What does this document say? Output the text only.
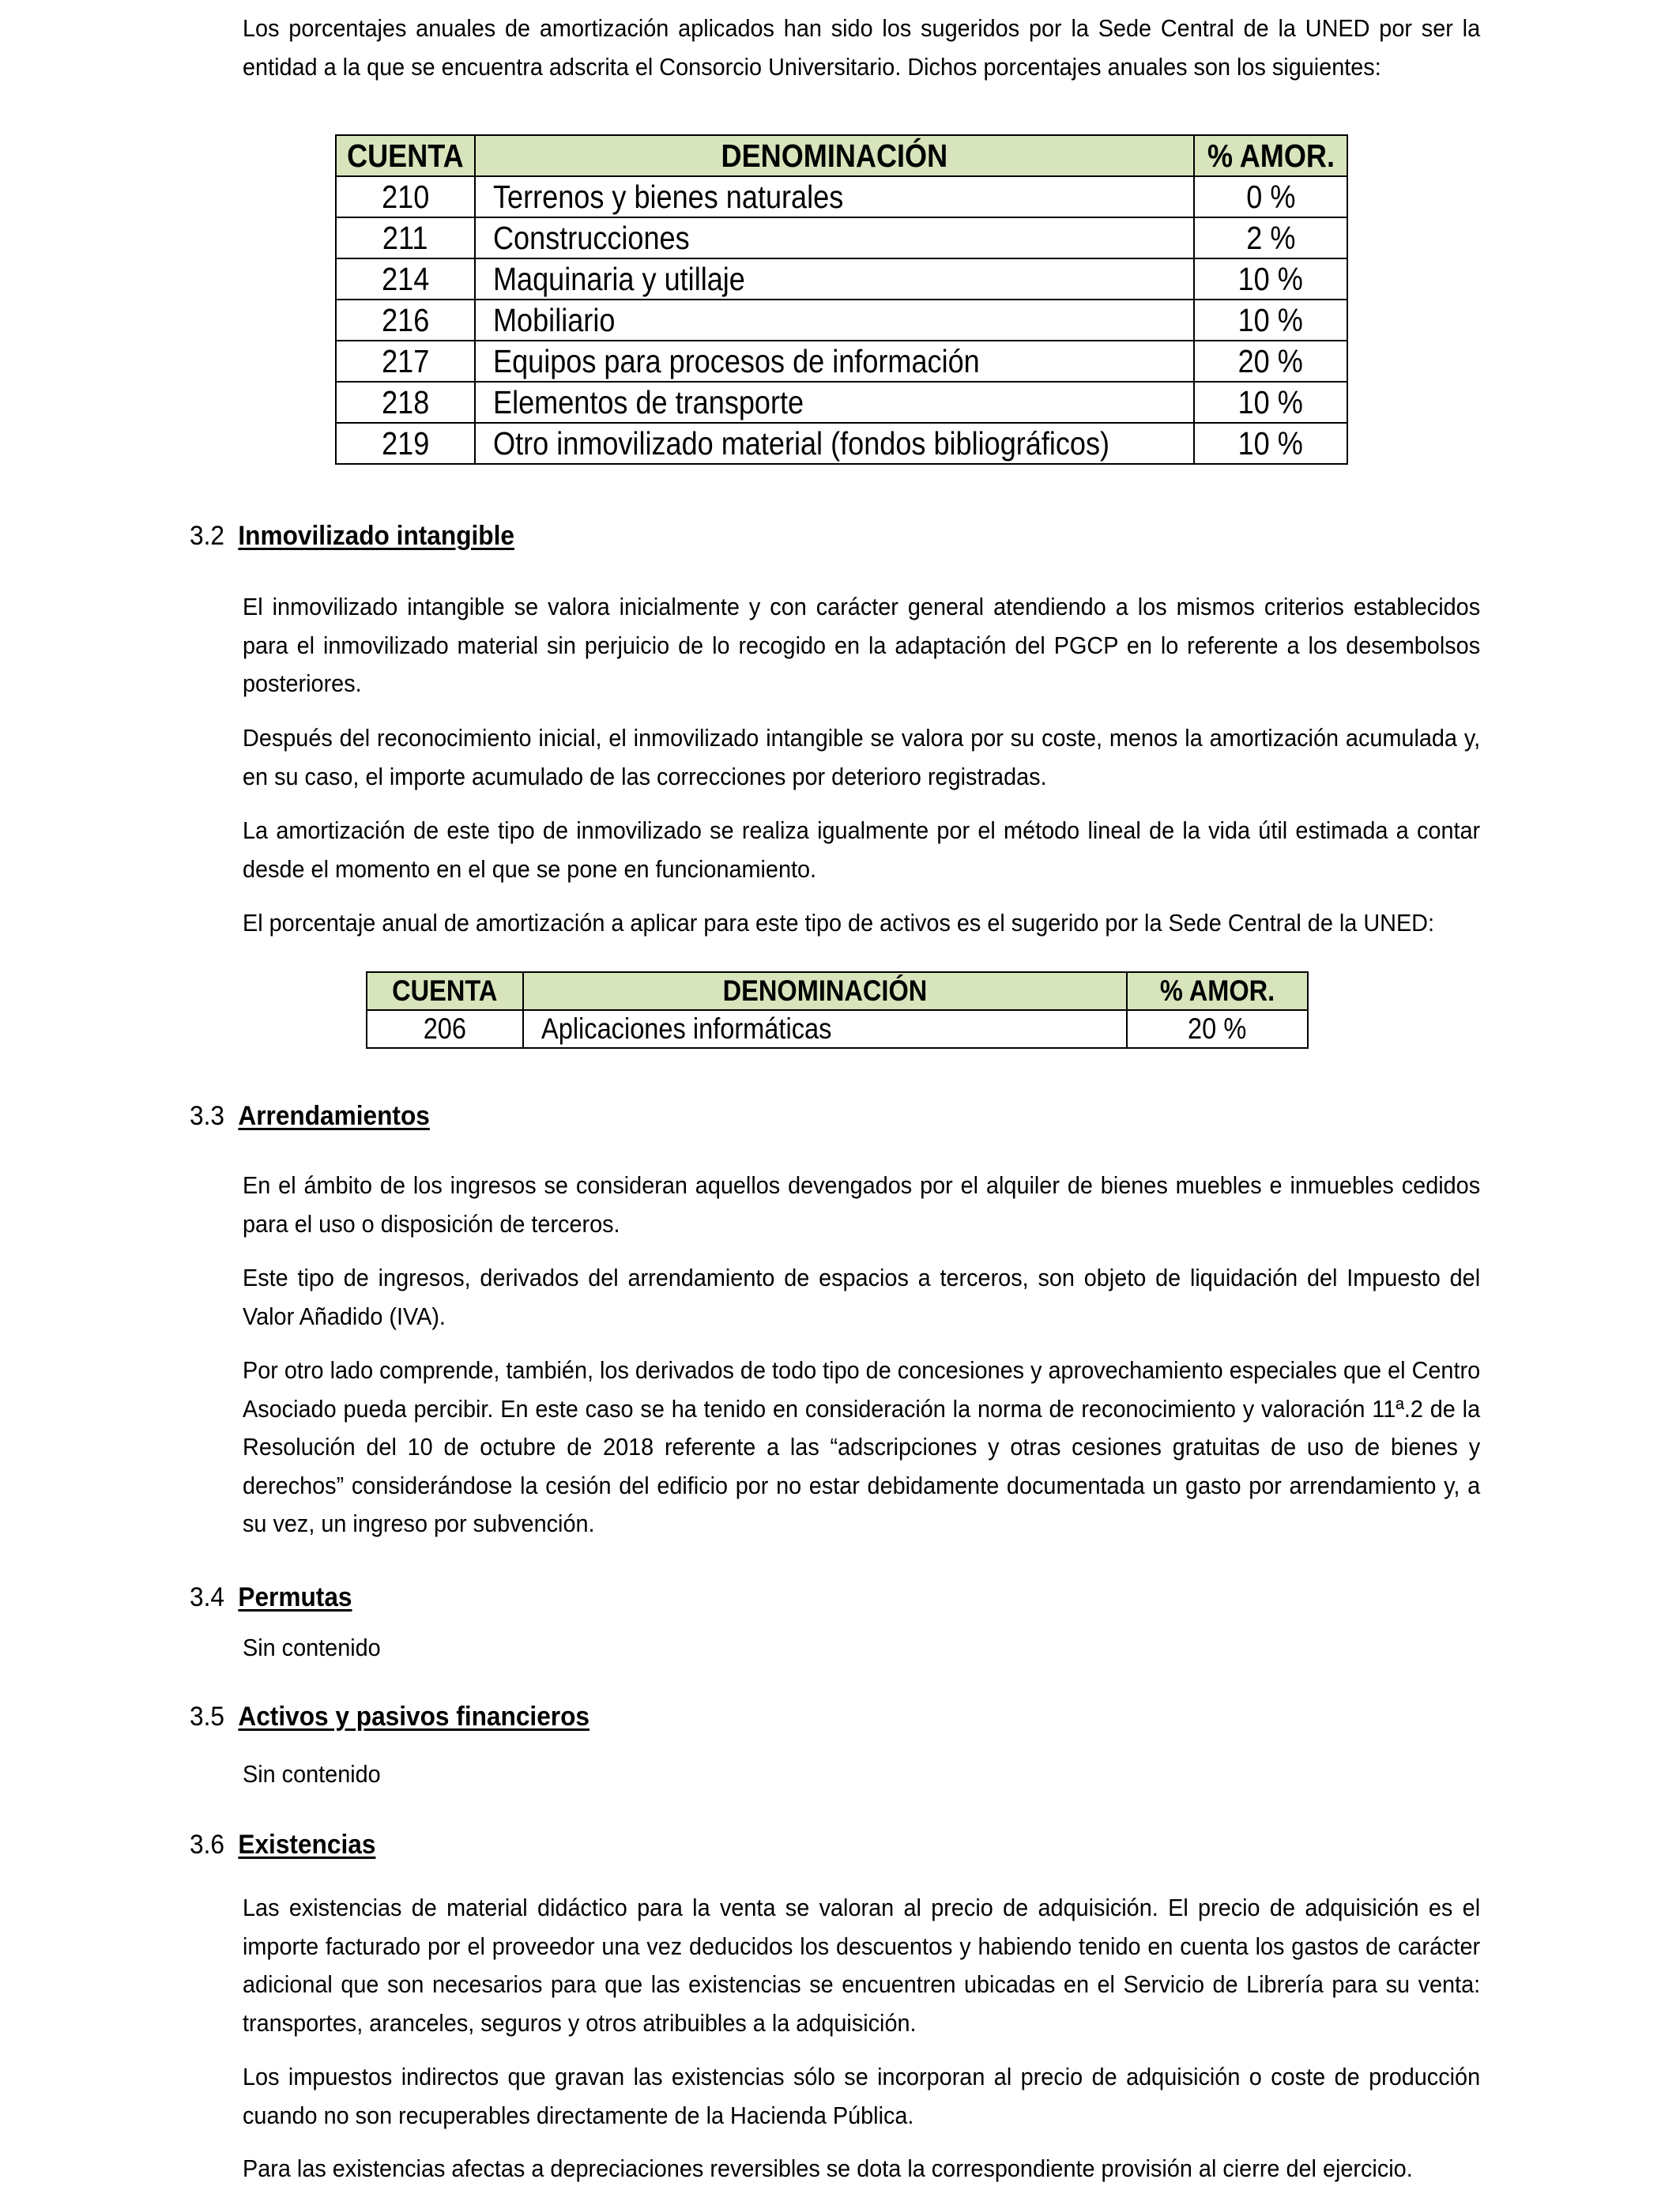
Los porcentajes anuales de amortización aplicados han sido los sugeridos por la Sede Central de la UNED por ser la entidad a la que se encuentra adscrita el Consorcio Universitario. Dichos porcentajes anuales son los siguientes:

CUENTA	DENOMINACIÓN	% AMOR.
210	Terrenos y bienes naturales	0 %
211	Construcciones	2 %
214	Maquinaria y utillaje	10 %
216	Mobiliario	10 %
217	Equipos para procesos de información	20 %
218	Elementos de transporte	10 %
219	Otro inmovilizado material (fondos bibliográficos)	10 %
3.2 Inmovilizado intangible

El inmovilizado intangible se valora inicialmente y con carácter general atendiendo a los mismos criterios establecidos para el inmovilizado material sin perjuicio de lo recogido en la adaptación del PGCP en lo referente a los desembolsos posteriores.

Después del reconocimiento inicial, el inmovilizado intangible se valora por su coste, menos la amortización acumulada y, en su caso, el importe acumulado de las correcciones por deterioro registradas.

La amortización de este tipo de inmovilizado se realiza igualmente por el método lineal de la vida útil estimada a contar desde el momento en el que se pone en funcionamiento.

El porcentaje anual de amortización a aplicar para este tipo de activos es el sugerido por la Sede Central de la UNED:

CUENTA	DENOMINACIÓN	% AMOR.
206	Aplicaciones informáticas	20 %
3.3 Arrendamientos

En el ámbito de los ingresos se consideran aquellos devengados por el alquiler de bienes muebles e inmuebles cedidos para el uso o disposición de terceros.

Este tipo de ingresos, derivados del arrendamiento de espacios a terceros, son objeto de liquidación del Impuesto del Valor Añadido (IVA).

Por otro lado comprende, también, los derivados de todo tipo de concesiones y aprovechamiento especiales que el Centro Asociado pueda percibir. En este caso se ha tenido en consideración la norma de reconocimiento y valoración 11ª.2 de la Resolución del 10 de octubre de 2018 referente a las “adscripciones y otras cesiones gratuitas de uso de bienes y derechos” considerándose la cesión del edificio por no estar debidamente documentada un gasto por arrendamiento y, a su vez, un ingreso por subvención.

3.4 Permutas

Sin contenido

3.5 Activos y pasivos financieros

Sin contenido

3.6 Existencias

Las existencias de material didáctico para la venta se valoran al precio de adquisición. El precio de adquisición es el importe facturado por el proveedor una vez deducidos los descuentos y habiendo tenido en cuenta los gastos de carácter adicional que son necesarios para que las existencias se encuentren ubicadas en el Servicio de Librería para su venta: transportes, aranceles, seguros y otros atribuibles a la adquisición.

Los impuestos indirectos que gravan las existencias sólo se incorporan al precio de adquisición o coste de producción cuando no son recuperables directamente de la Hacienda Pública.

Para las existencias afectas a depreciaciones reversibles se dota la correspondiente provisión al cierre del ejercicio.
